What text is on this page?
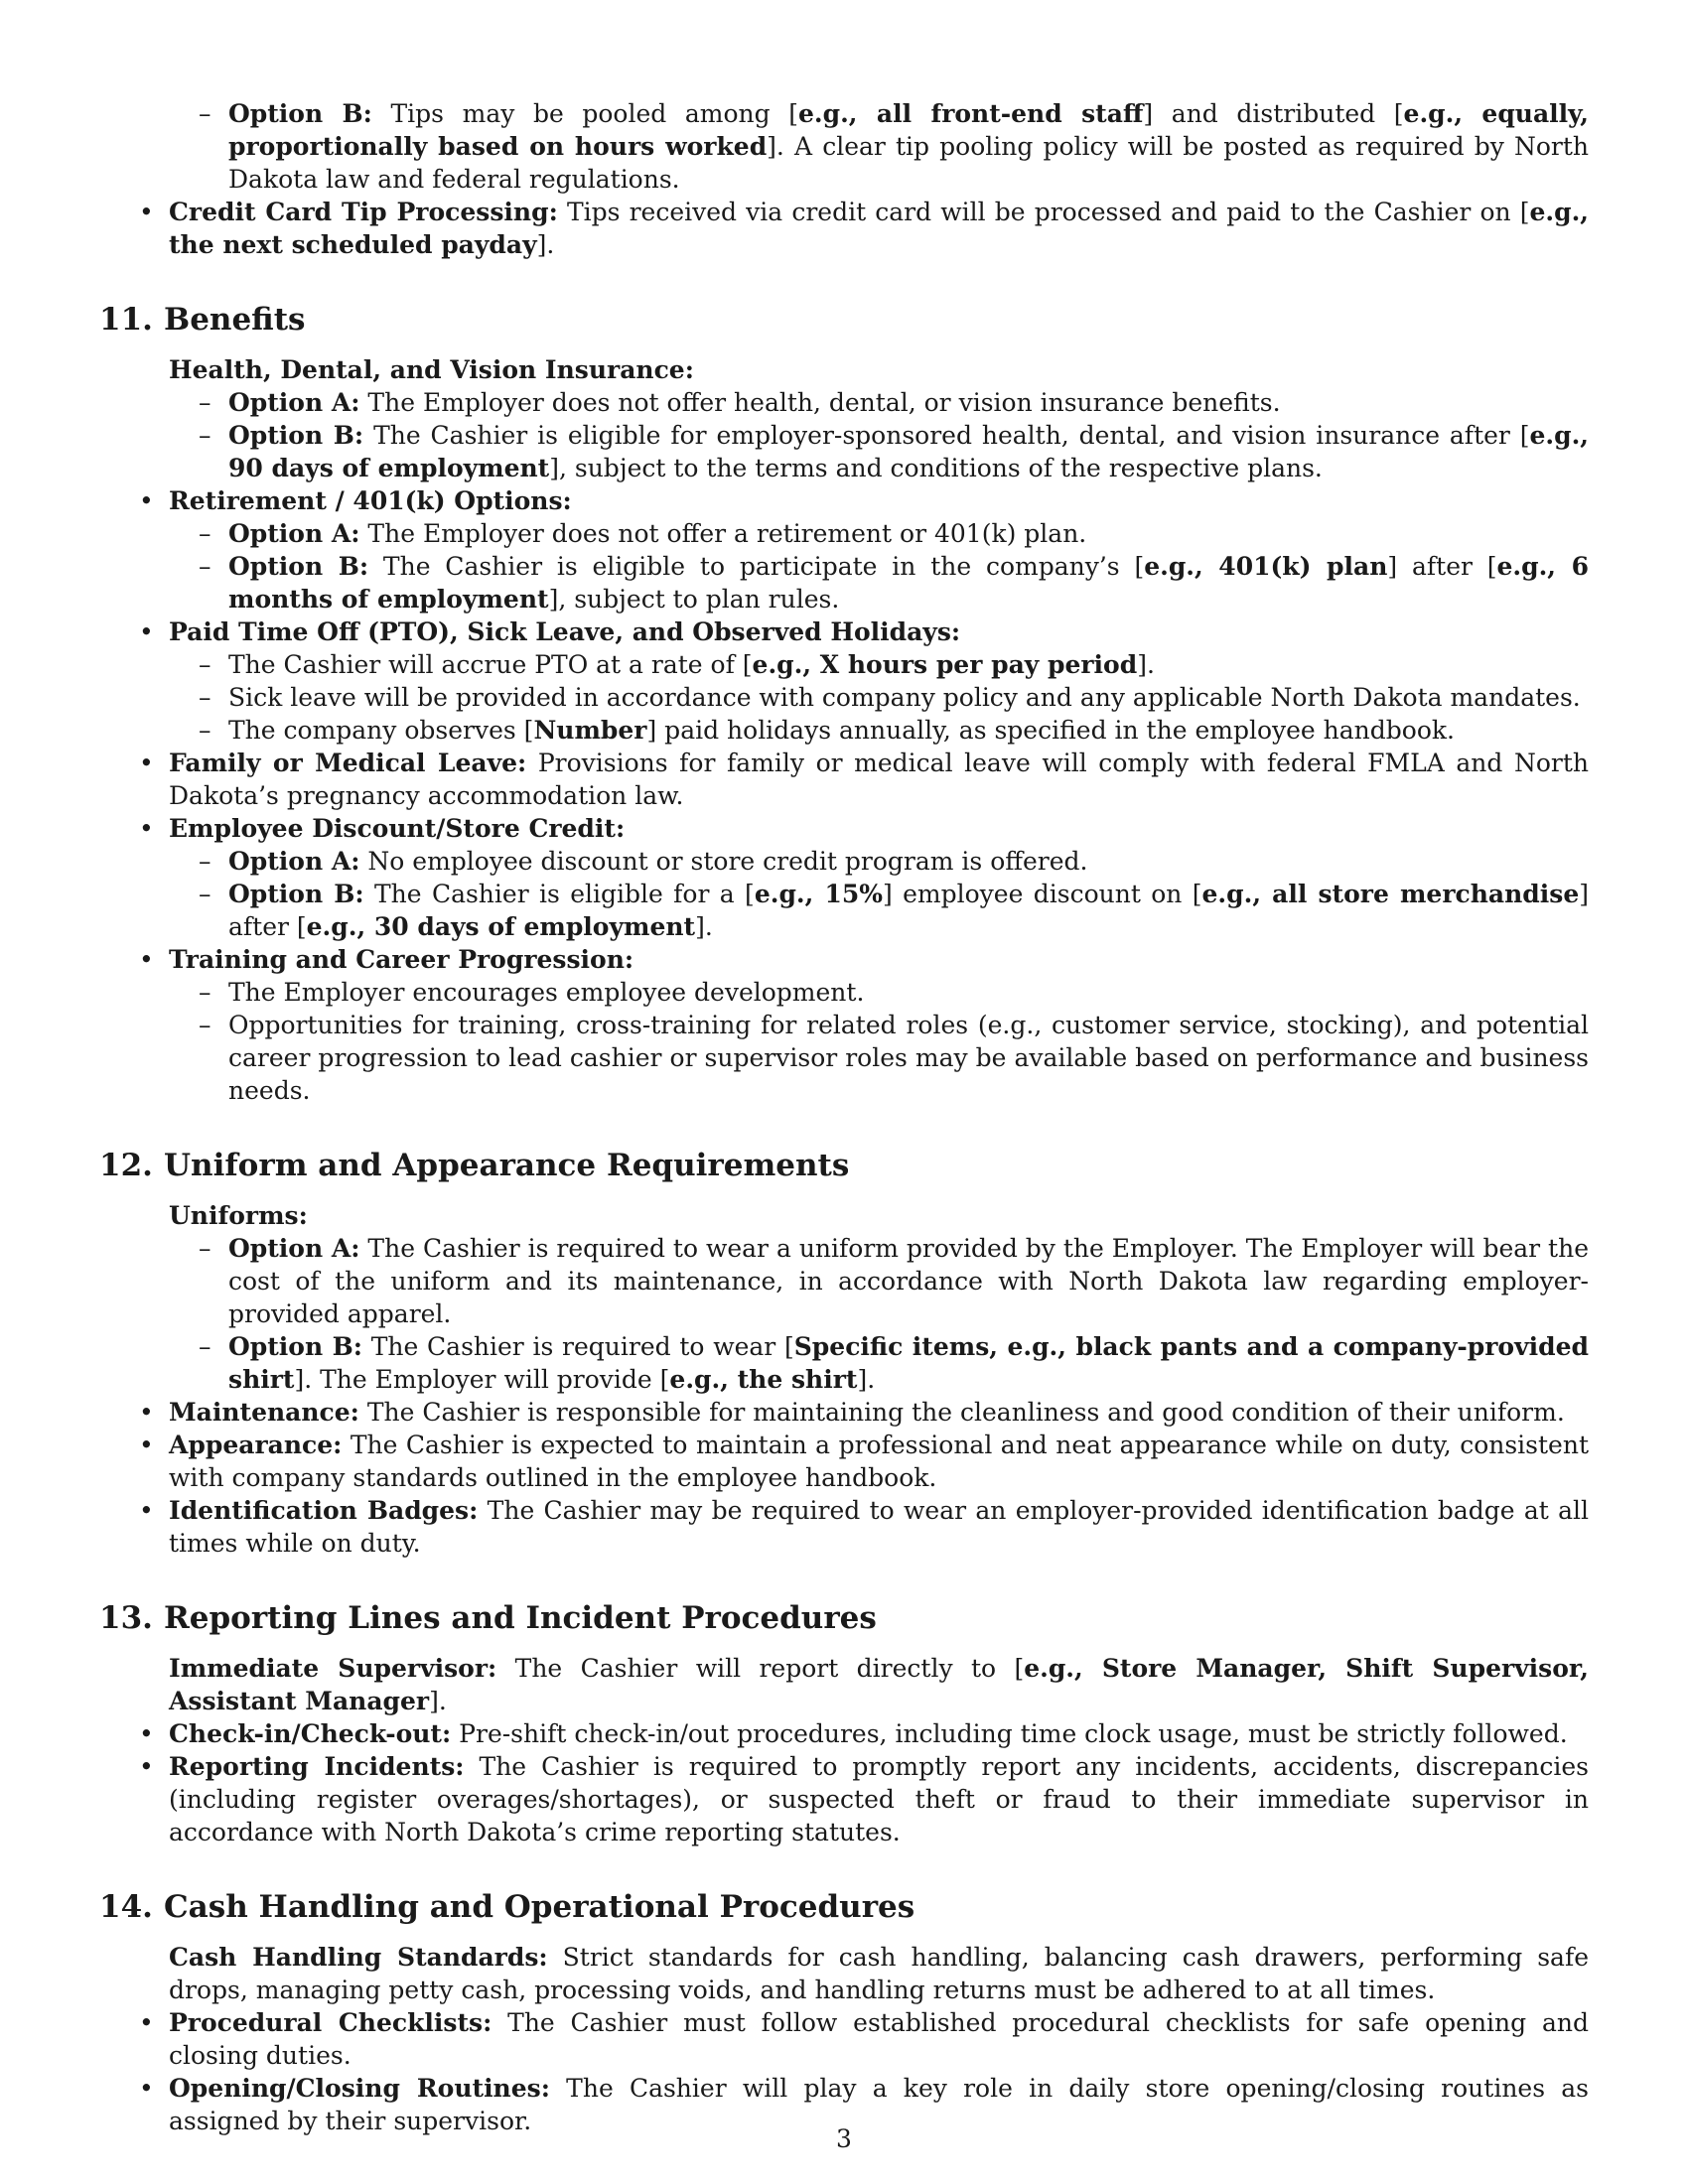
– Option B: Tips may be pooled among [e.g., all front-end staff] and distributed [e.g., equally, proportionally based on hours worked]. A clear tip pooling policy will be posted as required by North Dakota law and federal regulations.
• Credit Card Tip Processing: Tips received via credit card will be processed and paid to the Cashier on [e.g., the next scheduled payday].
11. Benefits
Health, Dental, and Vision Insurance:
– Option A: The Employer does not offer health, dental, or vision insurance benefits.
– Option B: The Cashier is eligible for employer-sponsored health, dental, and vision insurance after [e.g., 90 days of employment], subject to the terms and conditions of the respective plans.
• Retirement / 401(k) Options:
– Option A: The Employer does not offer a retirement or 401(k) plan.
– Option B: The Cashier is eligible to participate in the company’s [e.g., 401(k) plan] after [e.g., 6 months of employment], subject to plan rules.
• Paid Time Off (PTO), Sick Leave, and Observed Holidays:
– The Cashier will accrue PTO at a rate of [e.g., X hours per pay period].
– Sick leave will be provided in accordance with company policy and any applicable North Dakota mandates.
– The company observes [Number] paid holidays annually, as specified in the employee handbook.
• Family or Medical Leave: Provisions for family or medical leave will comply with federal FMLA and North Dakota’s pregnancy accommodation law.
• Employee Discount/Store Credit:
– Option A: No employee discount or store credit program is offered.
– Option B: The Cashier is eligible for a [e.g., 15%] employee discount on [e.g., all store merchandise] after [e.g., 30 days of employment].
• Training and Career Progression:
– The Employer encourages employee development.
– Opportunities for training, cross-training for related roles (e.g., customer service, stocking), and potential career progression to lead cashier or supervisor roles may be available based on performance and business needs.
12. Uniform and Appearance Requirements
Uniforms:
– Option A: The Cashier is required to wear a uniform provided by the Employer. The Employer will bear the cost of the uniform and its maintenance, in accordance with North Dakota law regarding employer-provided apparel.
– Option B: The Cashier is required to wear [Specific items, e.g., black pants and a company-provided shirt]. The Employer will provide [e.g., the shirt].
• Maintenance: The Cashier is responsible for maintaining the cleanliness and good condition of their uniform.
• Appearance: The Cashier is expected to maintain a professional and neat appearance while on duty, consistent with company standards outlined in the employee handbook.
• Identification Badges: The Cashier may be required to wear an employer-provided identification badge at all times while on duty.
13. Reporting Lines and Incident Procedures
Immediate Supervisor: The Cashier will report directly to [e.g., Store Manager, Shift Supervisor, Assistant Manager].
• Check-in/Check-out: Pre-shift check-in/out procedures, including time clock usage, must be strictly followed.
• Reporting Incidents: The Cashier is required to promptly report any incidents, accidents, discrepancies (including register overages/shortages), or suspected theft or fraud to their immediate supervisor in accordance with North Dakota’s crime reporting statutes.
14. Cash Handling and Operational Procedures
Cash Handling Standards: Strict standards for cash handling, balancing cash drawers, performing safe drops, managing petty cash, processing voids, and handling returns must be adhered to at all times.
• Procedural Checklists: The Cashier must follow established procedural checklists for safe opening and closing duties.
• Opening/Closing Routines: The Cashier will play a key role in daily store opening/closing routines as assigned by their supervisor.
3
